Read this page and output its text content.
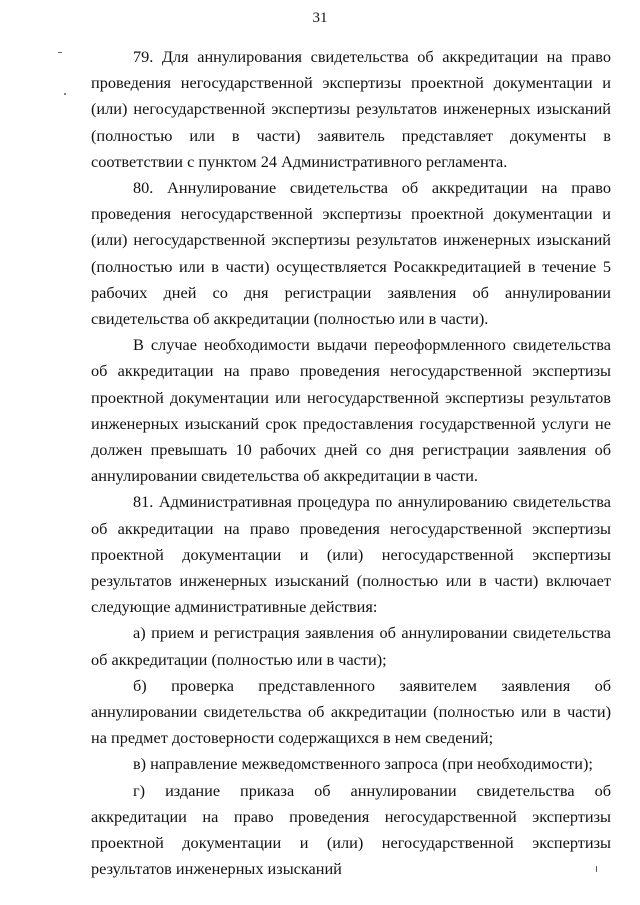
31

79. Для аннулирования свидетельства об аккредитации на право проведения негосударственной экспертизы проектной документации и (или) негосударственной экспертизы результатов инженерных изысканий (полностью или в части) заявитель представляет документы в соответствии с пунктом 24 Административного регламента.

80. Аннулирование свидетельства об аккредитации на право проведения негосударственной экспертизы проектной документации и (или) негосударственной экспертизы результатов инженерных изысканий (полностью или в части) осуществляется Росаккредитацией в течение 5 рабочих дней со дня регистрации заявления об аннулировании свидетельства об аккредитации (полностью или в части).

В случае необходимости выдачи переоформленного свидетельства об аккредитации на право проведения негосударственной экспертизы проектной документации или негосударственной экспертизы результатов инженерных изысканий срок предоставления государственной услуги не должен превышать 10 рабочих дней со дня регистрации заявления об аннулировании свидетельства об аккредитации в части.

81. Административная процедура по аннулированию свидетельства об аккредитации на право проведения негосударственной экспертизы проектной документации и (или) негосударственной экспертизы результатов инженерных изысканий (полностью или в части) включает следующие административные действия:

а) прием и регистрация заявления об аннулировании свидетельства об аккредитации (полностью или в части);

б) проверка представленного заявителем заявления об аннулировании свидетельства об аккредитации (полностью или в части) на предмет достоверности содержащихся в нем сведений;

в) направление межведомственного запроса (при необходимости);

г) издание приказа об аннулировании свидетельства об аккредитации на право проведения негосударственной экспертизы проектной документации и (или) негосударственной экспертизы результатов инженерных изысканий
